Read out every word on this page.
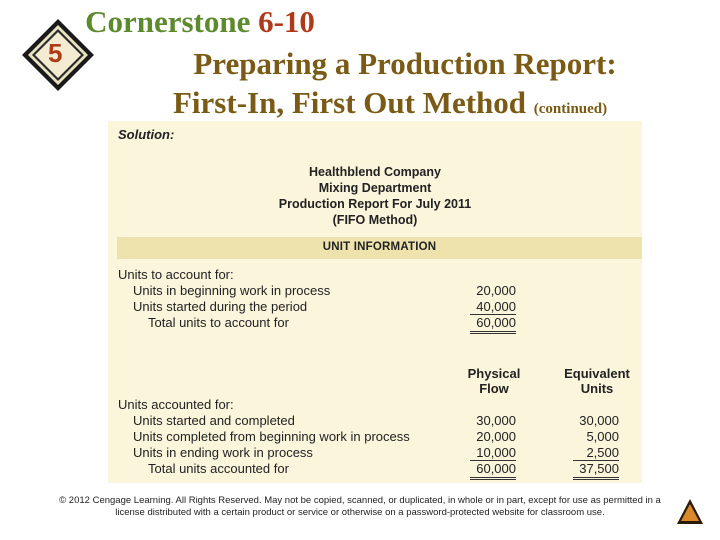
5
Cornerstone 6-10
Preparing a Production Report:
First-In, First Out Method (continued)
Solution:
Healthblend Company
Mixing Department
Production Report For July 2011
(FIFO Method)
UNIT INFORMATION
Units to account for:
Units in beginning work in process	20,000
Units started during the period	40,000
Total units to account for	60,000
Physical
Flow
Equivalent
Units
Units accounted for:
Units started and completed	30,000	30,000
Units completed from beginning work in process	20,000	5,000
Units in ending work in process	10,000	2,500
Total units accounted for	60,000	37,500
© 2012 Cengage Learning. All Rights Reserved. May not be copied, scanned, or duplicated, in whole or in part, except for use as permitted in a
license distributed with a certain product or service or otherwise on a password-protected website for classroom use.
